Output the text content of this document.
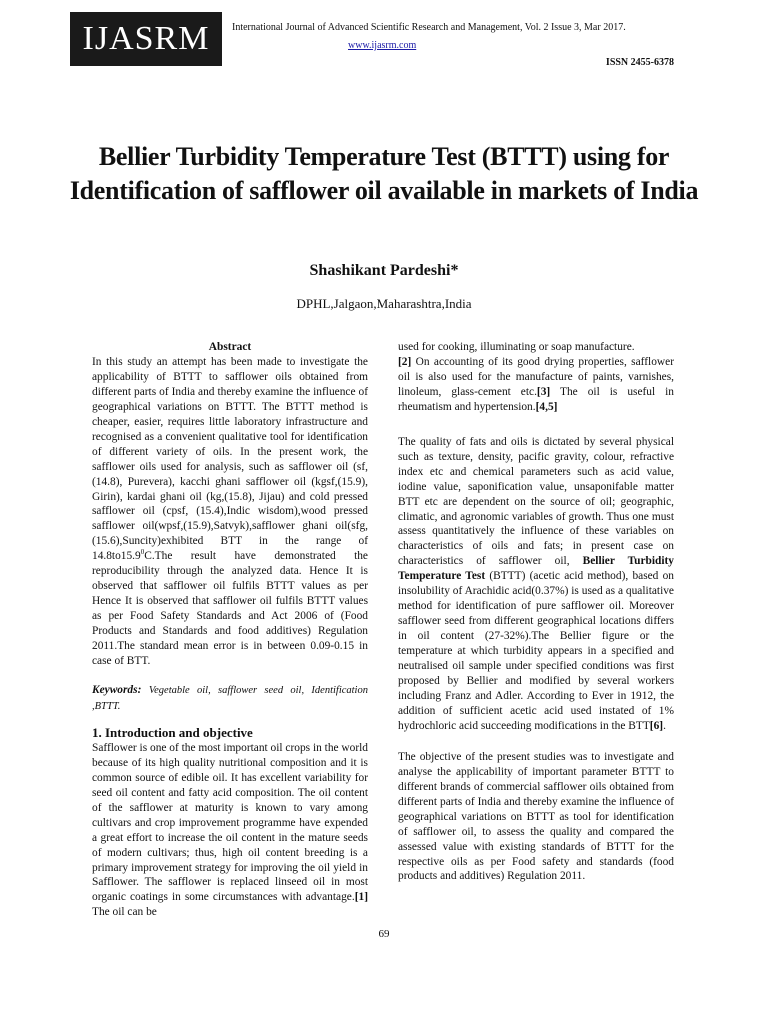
IJASRM	International Journal of Advanced Scientific Research and Management, Vol. 2 Issue 3, Mar 2017.
www.ijasrm.com
ISSN 2455-6378
Bellier Turbidity Temperature Test (BTTT) using for Identification of safflower oil available in markets of India
Shashikant Pardeshi*
DPHL,Jalgaon,Maharashtra,India

Abstract

In this study an attempt has been made to investigate the applicability of BTTT to safflower oils obtained from different parts of India and thereby examine the influence of geographical variations on BTTT. The BTTT method is cheaper, easier, requires little laboratory infrastructure and recognised as a convenient qualitative tool for identification of different variety of oils. In the present work, the safflower oils used for analysis, such as safflower oil (sf,(14.8), Purevera), kacchi ghani safflower oil (kgsf,(15.9), Girin), kardai ghani oil (kg,(15.8), Jijau) and cold pressed safflower oil (cpsf, (15.4),Indic wisdom),wood pressed safflower oil(wpsf,(15.9),Satvyk),safflower ghani oil(sfg,(15.6),Suncity)exhibited BTT in the range of 14.8to15.9$^0$C.The result have demonstrated the reproducibility through the analyzed data. Hence It is observed that safflower oil fulfils BTTT values as per Hence It is observed that safflower oil fulfils BTTT values as per Food Safety Standards and Act 2006 of (Food Products and Standards and food additives) Regulation 2011.The standard mean error is in between 0.09-0.15 in case of BTT.

Keywords: Vegetable oil, safflower seed oil, Identification ,BTTT.

1. Introduction and objective

Safflower is one of the most important oil crops in the world because of its high quality nutritional composition and it is common source of edible oil. It has excellent variability for seed oil content and fatty acid composition. The oil content of the safflower at maturity is known to vary among cultivars and crop improvement programme have expended a great effort to increase the oil content in the mature seeds of modern cultivars; thus, high oil content breeding is a primary improvement strategy for improving the oil yield in Safflower. The safflower is replaced linseed oil in most organic coatings in some circumstances with advantage.[1] The oil can be

used for cooking, illuminating or soap manufacture.
[2] On accounting of its good drying properties, safflower oil is also used for the manufacture of paints, varnishes, linoleum, glass-cement etc.[3] The oil is useful in rheumatism and hypertension.[4,5]

The quality of fats and oils is dictated by several physical such as texture, density, pacific gravity, colour, refractive index etc and chemical parameters such as acid value, iodine value, saponification value, unsaponifable matter BTT etc are dependent on the source of oil; geographic, climatic, and agronomic variables of growth. Thus one must assess quantitatively the influence of these variables on characteristics of oils and fats; in present case on characteristics of safflower oil, Bellier Turbidity Temperature Test (BTTT) (acetic acid method), based on insolubility of Arachidic acid(0.37%) is used as a qualitative method for identification of pure safflower oil. Moreover safflower seed from different geographical locations differs in oil content (27-32%).The Bellier figure or the temperature at which turbidity appears in a specified and neutralised oil sample under specified conditions was first proposed by Bellier and modified by several workers including Franz and Adler. According to Ever in 1912, the addition of sufficient acetic acid used instated of 1% hydrochloric acid succeeding modifications in the BTT[6].

The objective of the present studies was to investigate and analyse the applicability of important parameter BTTT to different brands of commercial safflower oils obtained from different parts of India and thereby examine the influence of geographical variations on BTTT as tool for identification of safflower oil, to assess the quality and compared the assessed value with existing standards of BTTT for the respective oils as per Food safety and standards (food products and additives) Regulation 2011.

69
